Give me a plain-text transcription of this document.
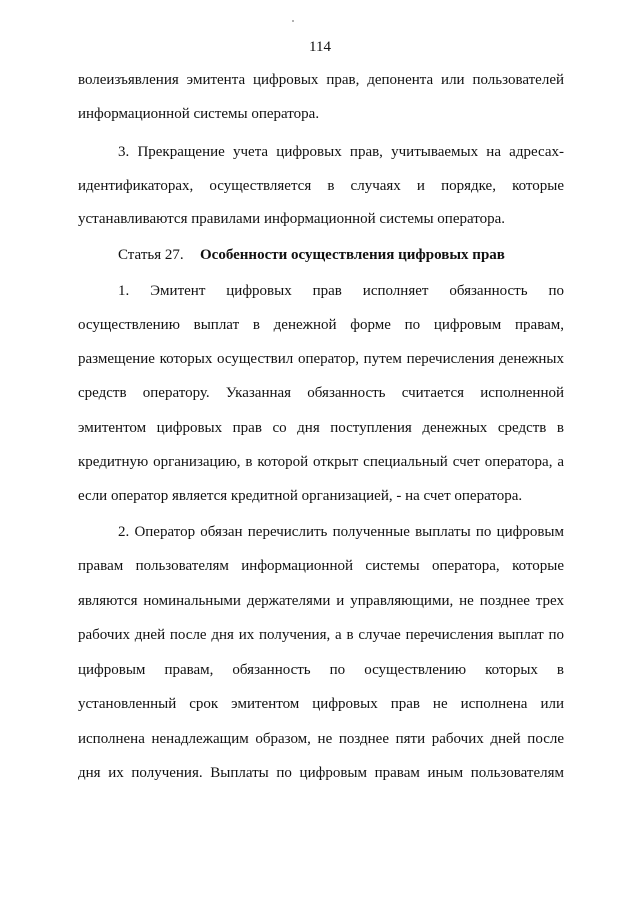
114
волеизъявления эмитента цифровых прав, депонента или пользователей
информационной системы оператора.
3. Прекращение учета цифровых прав, учитываемых на адресах-
идентификаторах, осуществляется в случаях и порядке, которые
устанавливаются правилами информационной системы оператора.
Статья 27. Особенности осуществления цифровых прав
1. Эмитент цифровых прав исполняет обязанность по
осуществлению выплат в денежной форме по цифровым правам,
размещение которых осуществил оператор, путем перечисления денежных
средств оператору. Указанная обязанность считается исполненной
эмитентом цифровых прав со дня поступления денежных средств в
кредитную организацию, в которой открыт специальный счет оператора, а
если оператор является кредитной организацией, - на счет оператора.
2. Оператор обязан перечислить полученные выплаты по цифровым
правам пользователям информационной системы оператора, которые
являются номинальными держателями и управляющими, не позднее трех
рабочих дней после дня их получения, а в случае перечисления выплат по
цифровым правам, обязанность по осуществлению которых в
установленный срок эмитентом цифровых прав не исполнена или
исполнена ненадлежащим образом, не позднее пяти рабочих дней после
дня их получения. Выплаты по цифровым правам иным пользователям
